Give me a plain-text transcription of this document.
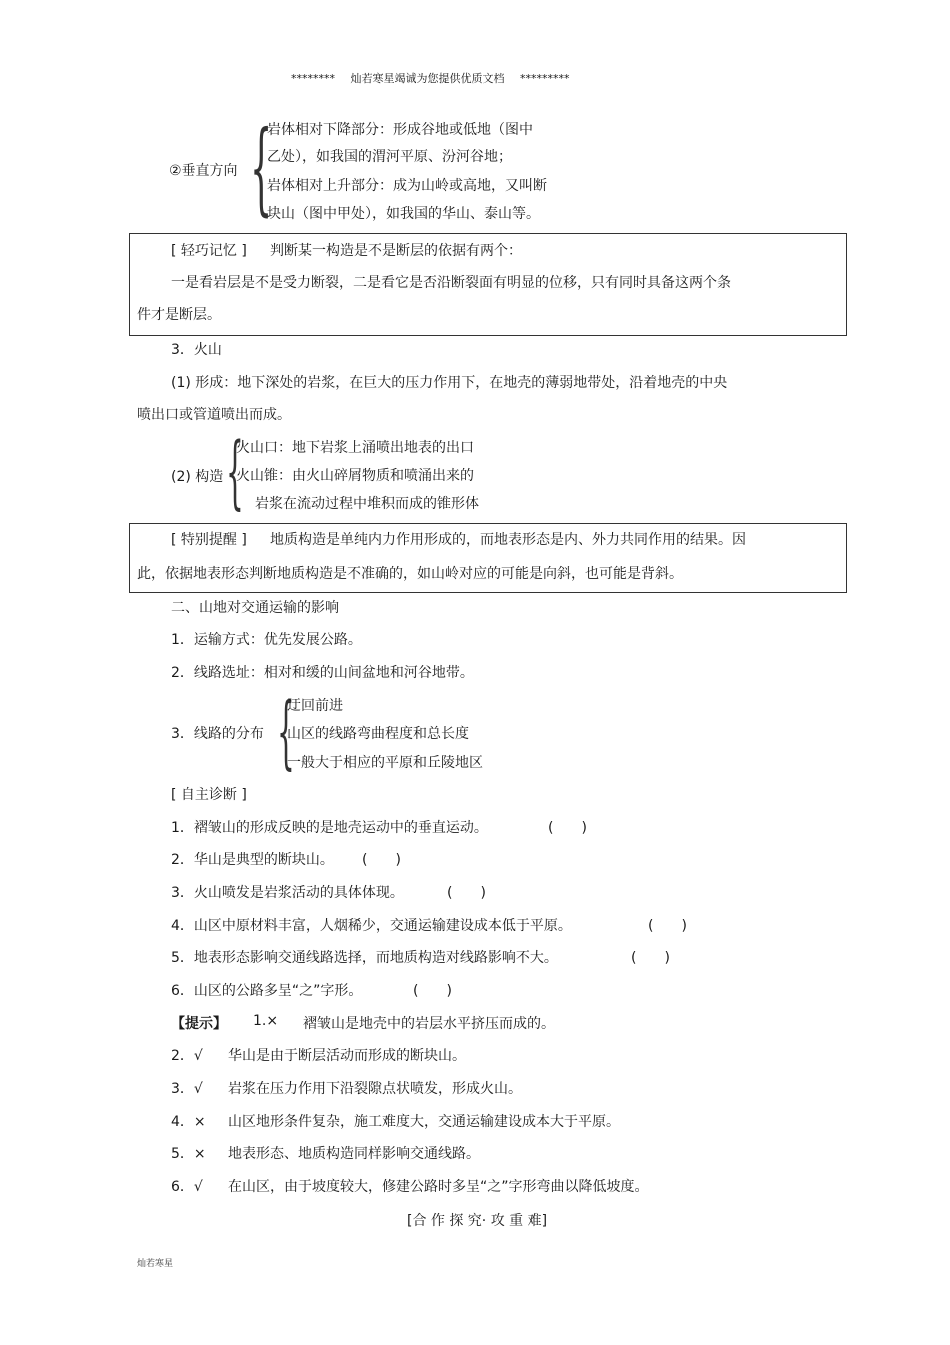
******** 灿若寒星竭诚为您提供优质文档 *********
②垂直方向 {
岩体相对下降部分：形成谷地或低地（图中
乙处），如我国的渭河平原、汾河谷地；
岩体相对上升部分：成为山岭或高地，又叫断
块山（图中甲处），如我国的华山、泰山等。
[ 轻巧记忆 ] 判断某一构造是不是断层的依据有两个：
一是看岩层是不是受力断裂，二是看它是否沿断裂面有明显的位移，只有同时具备这两个条
件才是断层。
3．火山
(1) 形成：地下深处的岩浆，在巨大的压力作用下，在地壳的薄弱地带处，沿着地壳的中央
喷出口或管道喷出而成。
(2) 构造 {
火山口：地下岩浆上涌喷出地表的出口
火山锥：由火山碎屑物质和喷涌出来的
岩浆在流动过程中堆积而成的锥形体
[ 特别提醒 ] 地质构造是单纯内力作用形成的，而地表形态是内、外力共同作用的结果。因
此，依据地表形态判断地质构造是不准确的，如山岭对应的可能是向斜，也可能是背斜。
二、山地对交通运输的影响
1．运输方式：优先发展公路。
2．线路选址：相对和缓的山间盆地和河谷地带。
3．线路的分布 {
迂回前进
山区的线路弯曲程度和总长度
一般大于相应的平原和丘陵地区
[ 自主诊断 ]
1．褶皱山的形成反映的是地壳运动中的垂直运动。	(　　)
2．华山是典型的断块山。 (　　)
3．火山喷发是岩浆活动的具体体现。	(　　)
4．山区中原材料丰富，人烟稀少，交通运输建设成本低于平原。	(　　)
5．地表形态影响交通线路选择，而地质构造对线路影响不大。	(　　)
6．山区的公路多呈“之”字形。	(　　)
【提示】 1.× 褶皱山是地壳中的岩层水平挤压而成的。
2．√ 华山是由于断层活动而形成的断块山。
3．√ 岩浆在压力作用下沿裂隙点状喷发，形成火山。
4．× 山区地形条件复杂，施工难度大，交通运输建设成本大于平原。
5．× 地表形态、地质构造同样影响交通线路。
6．√ 在山区，由于坡度较大，修建公路时多呈“之”字形弯曲以降低坡度。
[合 作 探 究· 攻 重 难]
灿若寒星
